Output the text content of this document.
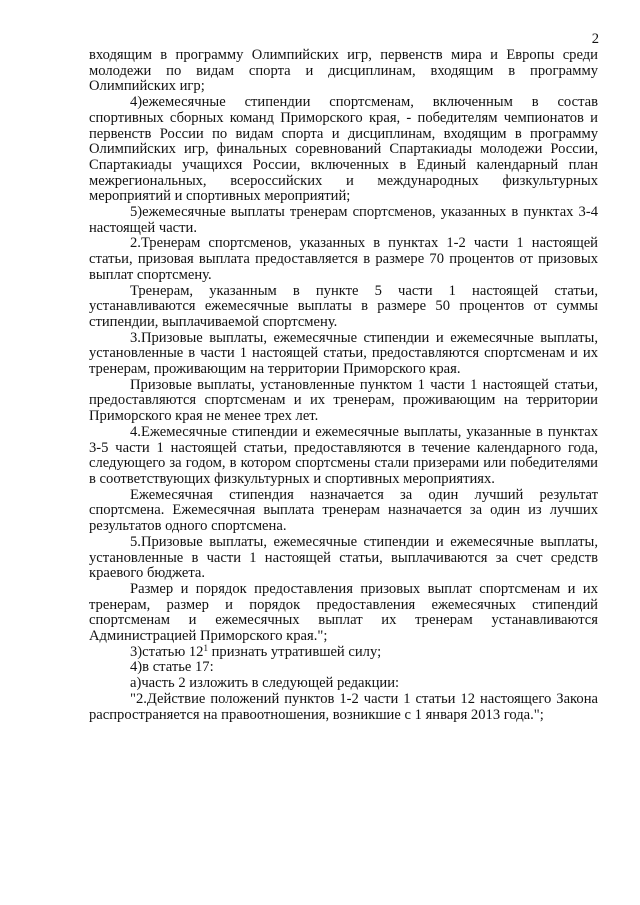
2

входящим в программу Олимпийских игр, первенств мира и Европы среди молодежи по видам спорта и дисциплинам, входящим в программу Олимпийских игр;

4)ежемесячные стипендии спортсменам, включенным в состав спортивных сборных команд Приморского края, - победителям чемпионатов и первенств России по видам спорта и дисциплинам, входящим в программу Олимпийских игр, финальных соревнований Спартакиады молодежи России, Спартакиады учащихся России, включенных в Единый календарный план межрегиональных, всероссийских и международных физкультурных мероприятий и спортивных мероприятий;

5)ежемесячные выплаты тренерам спортсменов, указанных в пунктах 3-4 настоящей части.

2.Тренерам спортсменов, указанных в пунктах 1-2 части 1 настоящей статьи, призовая выплата предоставляется в размере 70 процентов от призовых выплат спортсмену.

Тренерам, указанным в пункте 5 части 1 настоящей статьи, устанавливаются ежемесячные выплаты в размере 50 процентов от суммы стипендии, выплачиваемой спортсмену.

3.Призовые выплаты, ежемесячные стипендии и ежемесячные выплаты, установленные в части 1 настоящей статьи, предоставляются спортсменам и их тренерам, проживающим на территории Приморского края.

Призовые выплаты, установленные пунктом 1 части 1 настоящей статьи, предоставляются спортсменам и их тренерам, проживающим на территории Приморского края не менее трех лет.

4.Ежемесячные стипендии и ежемесячные выплаты, указанные в пунктах 3-5 части 1 настоящей статьи, предоставляются в течение календарного года, следующего за годом, в котором спортсмены стали призерами или победителями в соответствующих физкультурных и спортивных мероприятиях.

Ежемесячная стипендия назначается за один лучший результат спортсмена. Ежемесячная выплата тренерам назначается за один из лучших результатов одного спортсмена.

5.Призовые выплаты, ежемесячные стипендии и ежемесячные выплаты, установленные в части 1 настоящей статьи, выплачиваются за счет средств краевого бюджета.

Размер и порядок предоставления призовых выплат спортсменам и их тренерам, размер и порядок предоставления ежемесячных стипендий спортсменам и ежемесячных выплат их тренерам устанавливаются Администрацией Приморского края.";

3)статью $12^1$ признать утратившей силу;

4)в статье 17:

а)часть 2 изложить в следующей редакции:

"2.Действие положений пунктов 1-2 части 1 статьи 12 настоящего Закона распространяется на правоотношения, возникшие с 1 января 2013 года.";
